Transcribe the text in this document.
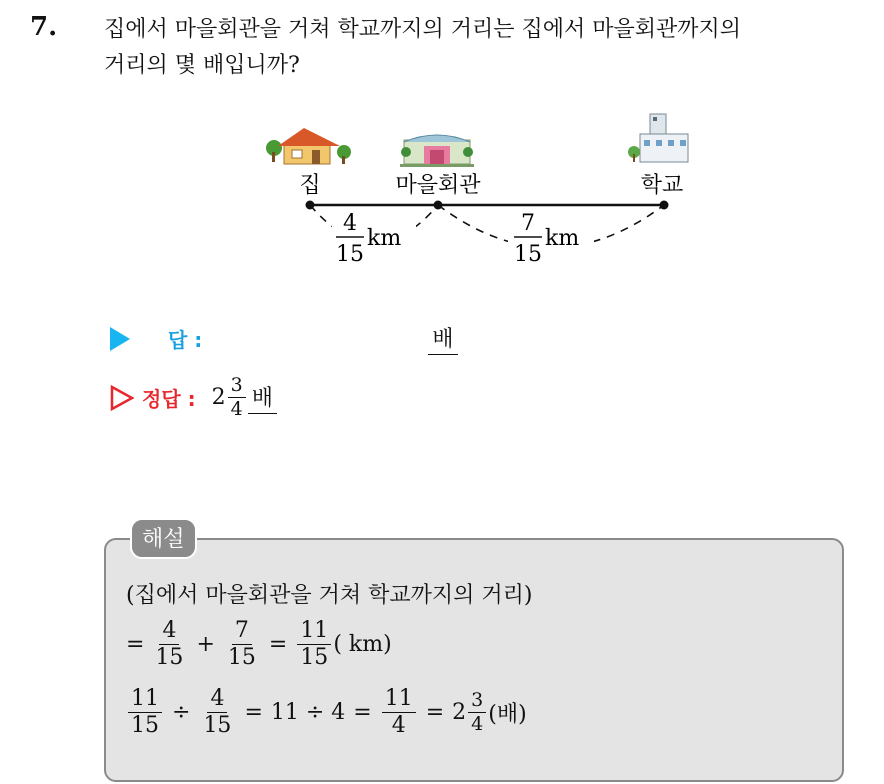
7. 집에서 마을회관을 거쳐 학교까지의 거리는 집에서 마을회관까지의
거리의 몇 배입니까?
집	마을회관	학교
4
15
km
7
15
km
답 :	배
정답 : $2 \frac{3}{4}$ 배
해설
(집에서 마을회관을 거쳐 학교까지의 거리)
= $\frac{4}{15} + \frac{7}{15} = \frac{11}{15}$ ( km)
$\frac{11}{15} \div \frac{4}{15} = 11 \div 4 = \frac{11}{4} = 2 \frac{3}{4}$ (배)
